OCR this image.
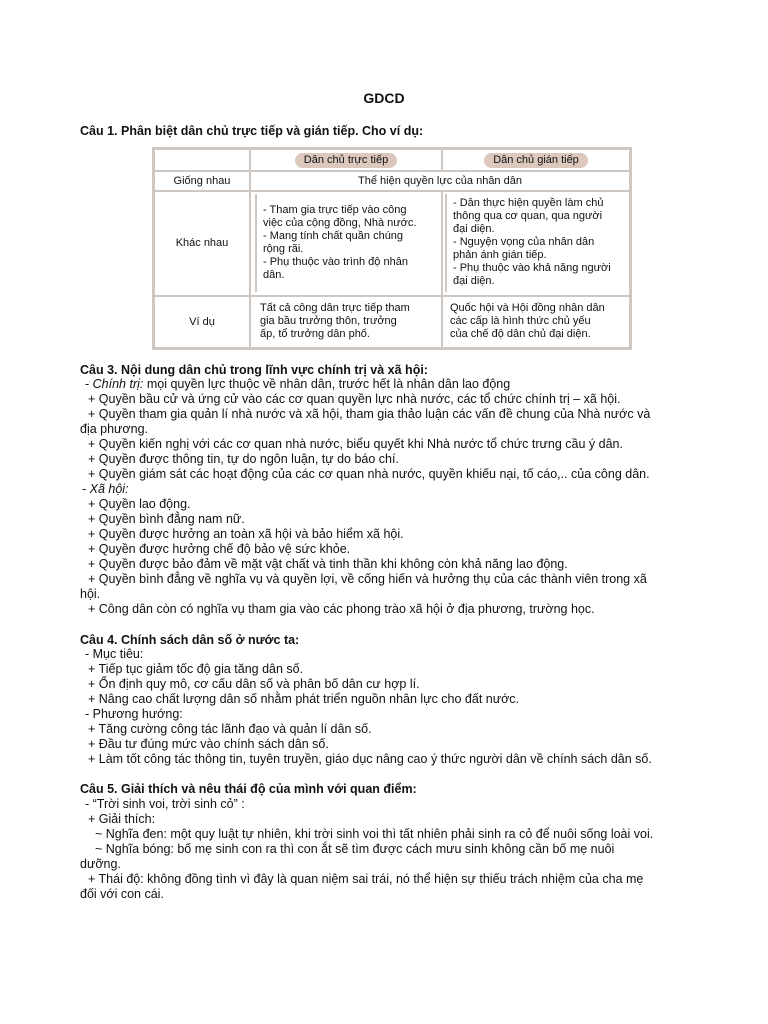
GDCD
Câu 1. Phân biệt dân chủ trực tiếp và gián tiếp. Cho ví dụ:
Dân chủ trực tiếp	Dân chủ gián tiếp
Giống nhau	Thể hiện quyền lực của nhân dân
Khác nhau
- Tham gia trực tiếp vào công
việc của cộng đồng, Nhà nước.
- Mang tính chất quần chúng
rộng rãi.
- Phụ thuộc vào trình độ nhân
dân.
- Dân thực hiện quyền làm chủ
thông qua cơ quan, qua người
đại diện.
- Nguyện vọng của nhân dân
phản ánh gián tiếp.
- Phụ thuộc vào khả năng người
đại diện.
Ví dụ
Tất cả công dân trực tiếp tham
gia bầu trưởng thôn, trưởng
ấp, tổ trưởng dân phố.
Quốc hội và Hội đồng nhân dân
các cấp là hình thức chủ yếu
của chế độ dân chủ đại diện.
Câu 3. Nội dung dân chủ trong lĩnh vực chính trị và xã hội:
- Chính trị: mọi quyền lực thuộc về nhân dân, trước hết là nhân dân lao động
+ Quyền bầu cử và ứng cử vào các cơ quan quyền lực nhà nước, các tổ chức chính trị – xã hội.
+ Quyền tham gia quản lí nhà nước và xã hội, tham gia thảo luận các vấn đề chung của Nhà nước và
địa phương.
+ Quyền kiến nghị với các cơ quan nhà nước, biểu quyết khi Nhà nước tổ chức trưng cầu ý dân.
+ Quyền được thông tin, tự do ngôn luận, tự do báo chí.
+ Quyền giám sát các hoạt động của các cơ quan nhà nước, quyền khiếu nại, tố cáo,.. của công dân.
- Xã hội:
+ Quyền lao động.
+ Quyền bình đẳng nam nữ.
+ Quyền được hưởng an toàn xã hội và bảo hiểm xã hội.
+ Quyền được hưởng chế độ bảo vệ sức khỏe.
+ Quyền được bảo đảm về mặt vật chất và tinh thần khi không còn khả năng lao động.
+ Quyền bình đẳng về nghĩa vụ và quyền lợi, về cống hiến và hưởng thụ của các thành viên trong xã
hội.
+ Công dân còn có nghĩa vụ tham gia vào các phong trào xã hội ở địa phương, trường học.
Câu 4. Chính sách dân số ở nước ta:
- Mục tiêu:
+ Tiếp tục giảm tốc độ gia tăng dân số.
+ Ổn định quy mô, cơ cấu dân số và phân bố dân cư hợp lí.
+ Nâng cao chất lượng dân số nhằm phát triển nguồn nhân lực cho đất nước.
- Phương hướng:
+ Tăng cường công tác lãnh đạo và quản lí dân số.
+ Đầu tư đúng mức vào chính sách dân số.
+ Làm tốt công tác thông tin, tuyên truyền, giáo dục nâng cao ý thức người dân về chính sách dân số.
Câu 5. Giải thích và nêu thái độ của mình với quan điểm:
- “Trời sinh voi, trời sinh cỏ” :
+ Giải thích:
~ Nghĩa đen: một quy luật tự nhiên, khi trời sinh voi thì tất nhiên phải sinh ra cỏ để nuôi sống loài voi.
~ Nghĩa bóng: bố mẹ sinh con ra thì con ắt sẽ tìm được cách mưu sinh không cần bố mẹ nuôi
dưỡng.
+ Thái độ: không đồng tình vì đây là quan niệm sai trái, nó thể hiện sự thiếu trách nhiệm của cha mẹ
đối với con cái.
